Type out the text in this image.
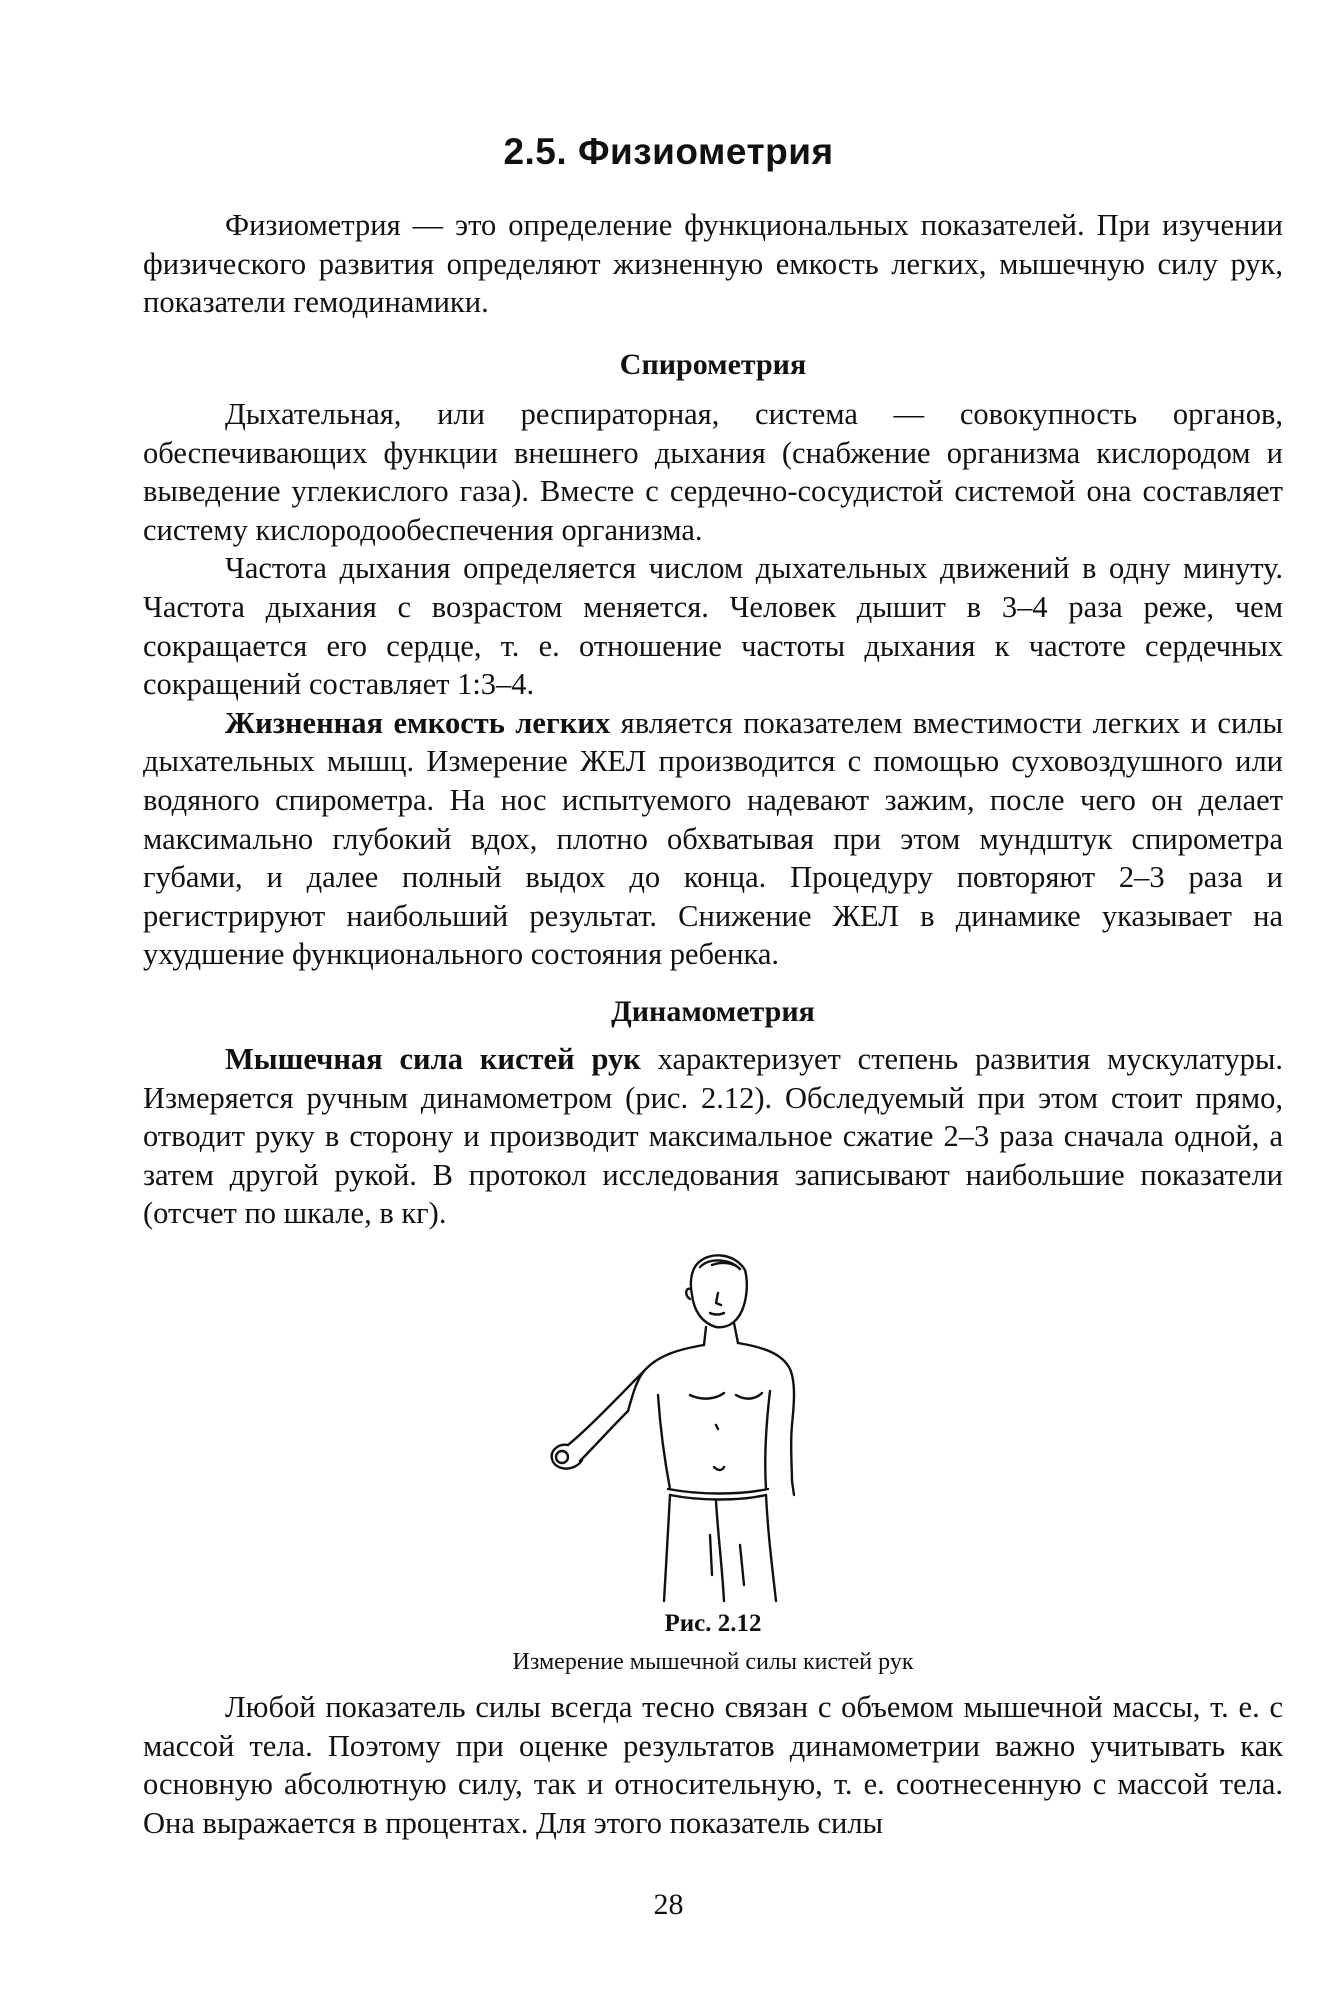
2.5. Физиометрия

Физиометрия — это определение функциональных показателей. При изучении физического развития определяют жизненную емкость легких, мышечную силу рук, показатели гемодинамики.

Спирометрия

Дыхательная, или респираторная, система — совокупность органов, обеспечивающих функции внешнего дыхания (снабжение организма кислородом и выведение углекислого газа). Вместе с сердечно-сосудистой системой она составляет систему кислородообеспечения организма.

Частота дыхания определяется числом дыхательных движений в одну минуту. Частота дыхания с возрастом меняется. Человек дышит в 3–4 раза реже, чем сокращается его сердце, т. е. отношение частоты дыхания к частоте сердечных сокращений составляет 1:3–4.

Жизненная емкость легких является показателем вместимости легких и силы дыхательных мышц. Измерение ЖЕЛ производится с помощью суховоздушного или водяного спирометра. На нос испытуемого надевают зажим, после чего он делает максимально глубокий вдох, плотно обхватывая при этом мундштук спирометра губами, и далее полный выдох до конца. Процедуру повторяют 2–3 раза и регистрируют наибольший результат. Снижение ЖЕЛ в динамике указывает на ухудшение функционального состояния ребенка.

Динамометрия

Мышечная сила кистей рук характеризует степень развития мускулатуры. Измеряется ручным динамометром (рис. 2.12). Обследуемый при этом стоит прямо, отводит руку в сторону и производит максимальное сжатие 2–3 раза сначала одной, а затем другой рукой. В протокол исследования записывают наибольшие показатели (отсчет по шкале, в кг).

Рис. 2.12
Измерение мышечной силы кистей рук

Любой показатель силы всегда тесно связан с объемом мышечной массы, т. е. с массой тела. Поэтому при оценке результатов динамометрии важно учитывать как основную абсолютную силу, так и относительную, т. е. соотнесенную с массой тела. Она выражается в процентах. Для этого показатель силы

28
